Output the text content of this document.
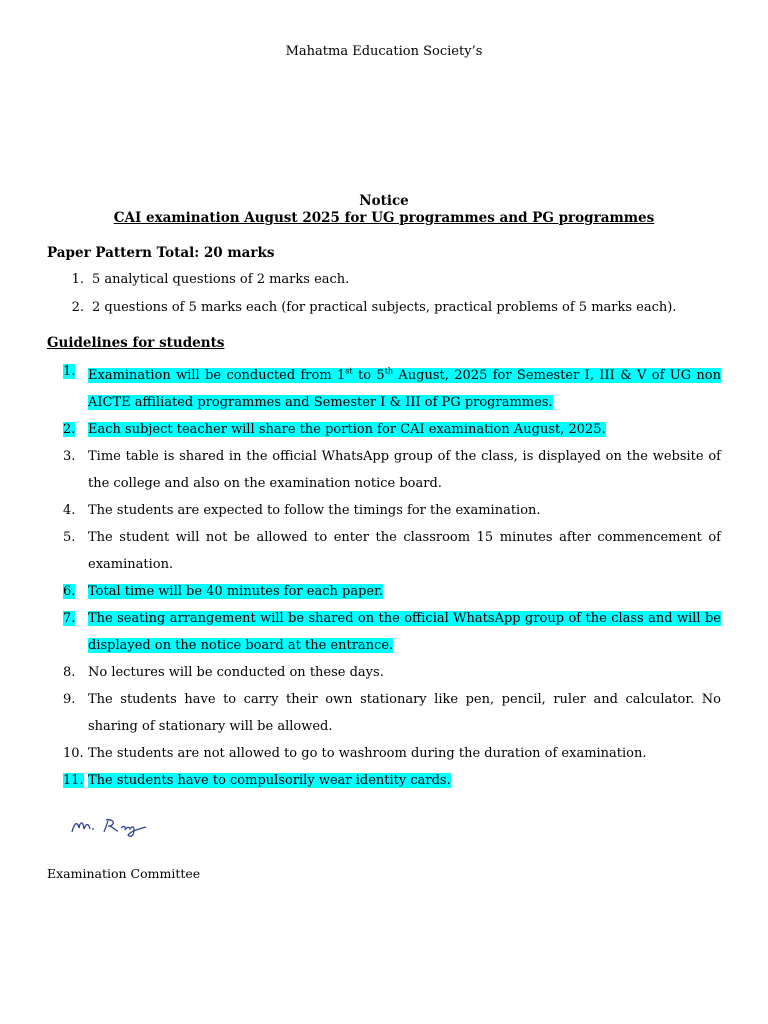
Mahatma Education Society’s
Notice
CAI examination August 2025 for UG programmes and PG programmes
Paper Pattern Total: 20 marks
1. 5 analytical questions of 2 marks each.
2. 2 questions of 5 marks each (for practical subjects, practical problems of 5 marks each).
Guidelines for students
1. Examination will be conducted from 1st to 5th August, 2025 for Semester I, III & V of UG non AICTE affiliated programmes and Semester I & III of PG programmes.
2. Each subject teacher will share the portion for CAI examination August, 2025.
3. Time table is shared in the official WhatsApp group of the class, is displayed on the website of the college and also on the examination notice board.
4. The students are expected to follow the timings for the examination.
5. The student will not be allowed to enter the classroom 15 minutes after commencement of examination.
6. Total time will be 40 minutes for each paper.
7. The seating arrangement will be shared on the official WhatsApp group of the class and will be displayed on the notice board at the entrance.
8. No lectures will be conducted on these days.
9. The students have to carry their own stationary like pen, pencil, ruler and calculator. No sharing of stationary will be allowed.
10. The students are not allowed to go to washroom during the duration of examination.
11. The students have to compulsorily wear identity cards.
Examination Committee
